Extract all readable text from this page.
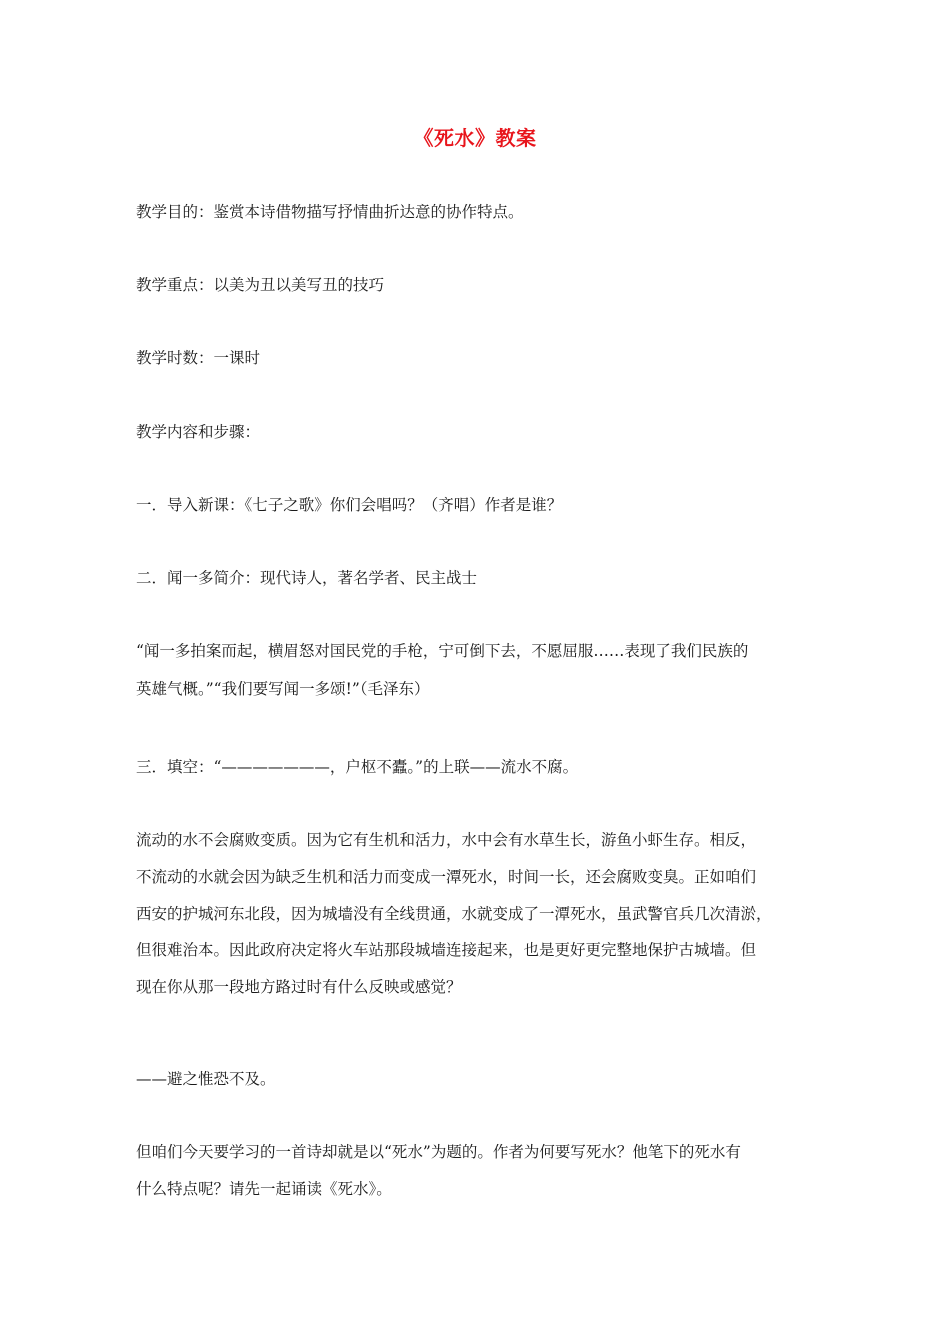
《死水》教案
教学目的：鉴赏本诗借物描写抒情曲折达意的协作特点。
教学重点：以美为丑以美写丑的技巧
教学时数：一课时
教学内容和步骤：
一．导入新课：《七子之歌》你们会唱吗？（齐唱）作者是谁？
二．闻一多简介：现代诗人，著名学者、民主战士
“闻一多拍案而起，横眉怒对国民党的手枪，宁可倒下去，不愿屈服……表现了我们民族的
英雄气概。”“我们要写闻一多颂!”（毛泽东）
三．填空：“———————，户枢不蠹。”的上联——流水不腐。
流动的水不会腐败变质。因为它有生机和活力，水中会有水草生长，游鱼小虾生存。相反，
不流动的水就会因为缺乏生机和活力而变成一潭死水，时间一长，还会腐败变臭。正如咱们
西安的护城河东北段，因为城墙没有全线贯通，水就变成了一潭死水，虽武警官兵几次清淤，
但很难治本。因此政府决定将火车站那段城墙连接起来，也是更好更完整地保护古城墙。但
现在你从那一段地方路过时有什么反映或感觉？
——避之惟恐不及。
但咱们今天要学习的一首诗却就是以“死水”为题的。作者为何要写死水？他笔下的死水有
什么特点呢？请先一起诵读《死水》。
